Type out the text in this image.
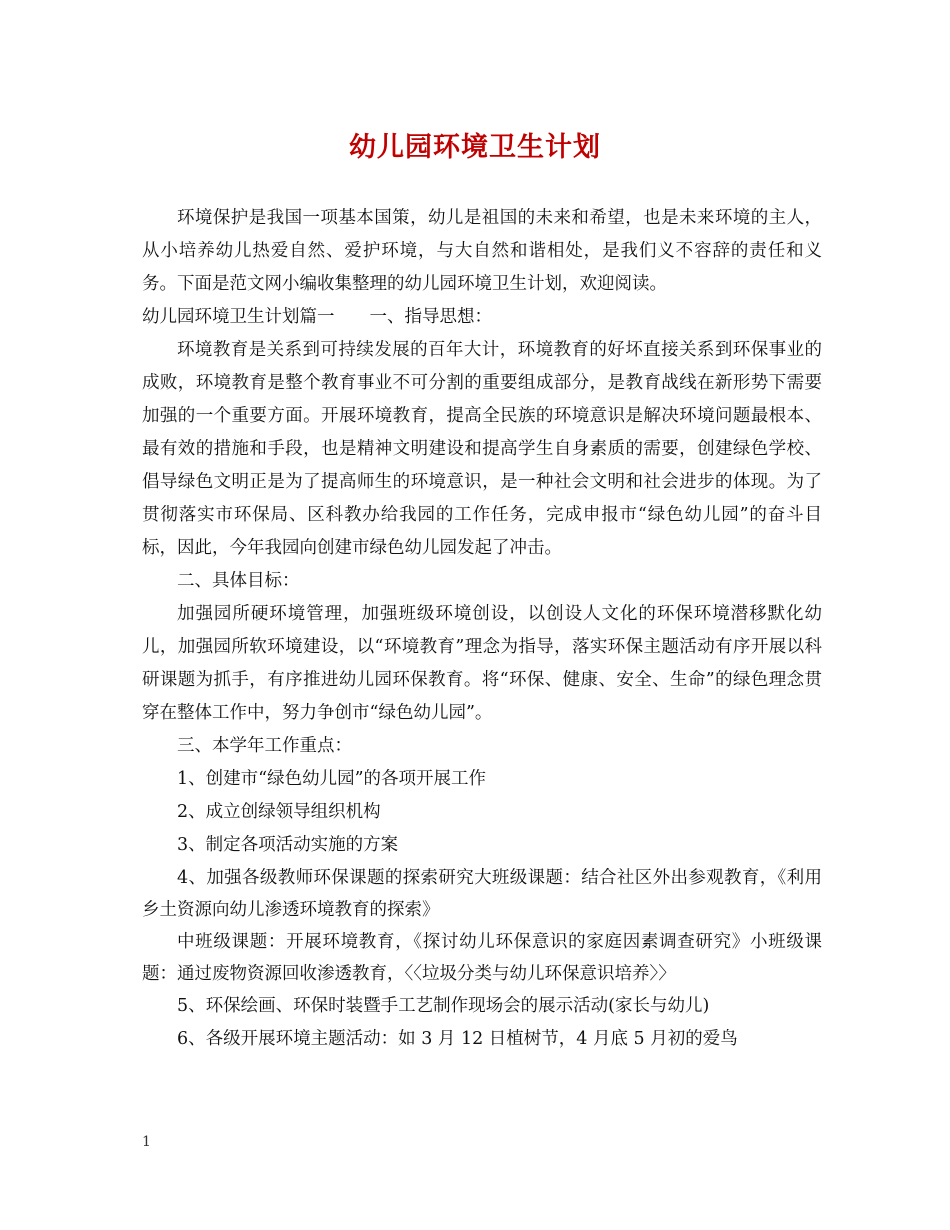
幼儿园环境卫生计划

环境保护是我国一项基本国策，幼儿是祖国的未来和希望，也是未来环境的主人，从小培养幼儿热爱自然、爱护环境，与大自然和谐相处，是我们义不容辞的责任和义务。下面是范文网小编收集整理的幼儿园环境卫生计划，欢迎阅读。

幼儿园环境卫生计划篇一　　一、指导思想：

环境教育是关系到可持续发展的百年大计，环境教育的好坏直接关系到环保事业的成败，环境教育是整个教育事业不可分割的重要组成部分，是教育战线在新形势下需要加强的一个重要方面。开展环境教育，提高全民族的环境意识是解决环境问题最根本、最有效的措施和手段，也是精神文明建设和提高学生自身素质的需要，创建绿色学校、倡导绿色文明正是为了提高师生的环境意识，是一种社会文明和社会进步的体现。为了贯彻落实市环保局、区科教办给我园的工作任务，完成申报市“绿色幼儿园”的奋斗目标，因此，今年我园向创建市绿色幼儿园发起了冲击。

二、具体目标：

加强园所硬环境管理，加强班级环境创设，以创设人文化的环保环境潜移默化幼儿，加强园所软环境建设，以“环境教育”理念为指导，落实环保主题活动有序开展以科研课题为抓手，有序推进幼儿园环保教育。将“环保、健康、安全、生命”的绿色理念贯穿在整体工作中，努力争创市“绿色幼儿园”。

三、本学年工作重点：

1、创建市“绿色幼儿园”的各项开展工作

2、成立创绿领导组织机构

3、制定各项活动实施的方案

4、加强各级教师环保课题的探索研究大班级课题：结合社区外出参观教育，《利用乡土资源向幼儿渗透环境教育的探索》

中班级课题：开展环境教育，《探讨幼儿环保意识的家庭因素调查研究》小班级课题：通过废物资源回收渗透教育，〈〈垃圾分类与幼儿环保意识培养〉〉

5、环保绘画、环保时装暨手工艺制作现场会的展示活动(家长与幼儿)

6、各级开展环境主题活动：如 3 月 12 日植树节，4 月底 5 月初的爱鸟

1
